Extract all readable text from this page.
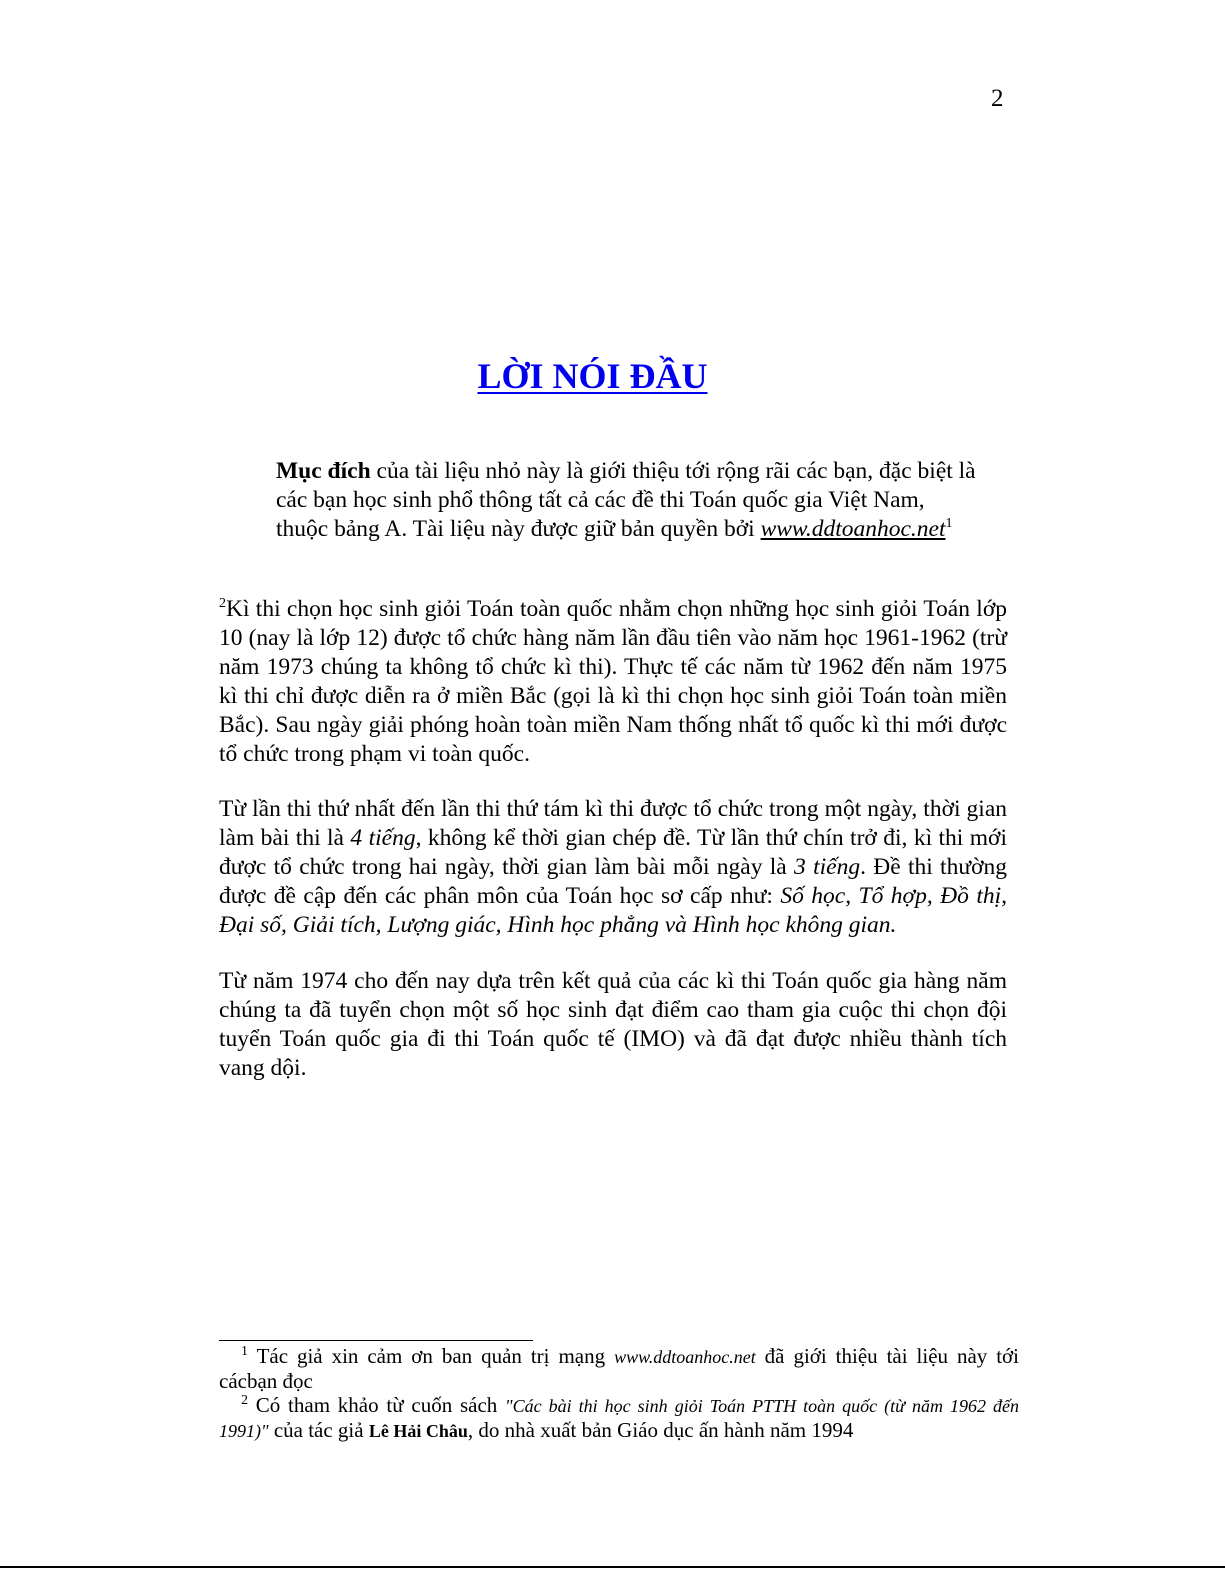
2
LỜI NÓI ĐẦU

Mục đích của tài liệu nhỏ này là giới thiệu tới rộng rãi các bạn, đặc biệt là các bạn học sinh phổ thông tất cả các đề thi Toán quốc gia Việt Nam, thuộc bảng A. Tài liệu này được giữ bản quyền bởi www.ddtoanhoc.net$^1$

$^2$Kì thi chọn học sinh giỏi Toán toàn quốc nhằm chọn những học sinh giỏi Toán lớp 10 (nay là lớp 12) được tổ chức hàng năm lần đầu tiên vào năm học 1961-1962 (trừ năm 1973 chúng ta không tổ chức kì thi). Thực tế các năm từ 1962 đến năm 1975 kì thi chỉ được diễn ra ở miền Bắc (gọi là kì thi chọn học sinh giỏi Toán toàn miền Bắc). Sau ngày giải phóng hoàn toàn miền Nam thống nhất tổ quốc kì thi mới được tổ chức trong phạm vi toàn quốc.

Từ lần thi thứ nhất đến lần thi thứ tám kì thi được tổ chức trong một ngày, thời gian làm bài thi là 4 tiếng, không kể thời gian chép đề. Từ lần thứ chín trở đi, kì thi mới được tổ chức trong hai ngày, thời gian làm bài mỗi ngày là 3 tiếng. Đề thi thường được đề cập đến các phân môn của Toán học sơ cấp như: Số học, Tổ hợp, Đồ thị, Đại số, Giải tích, Lượng giác, Hình học phẳng và Hình học không gian.

Từ năm 1974 cho đến nay dựa trên kết quả của các kì thi Toán quốc gia hàng năm chúng ta đã tuyển chọn một số học sinh đạt điểm cao tham gia cuộc thi chọn đội tuyển Toán quốc gia đi thi Toán quốc tế (IMO) và đã đạt được nhiều thành tích vang dội.

$^1$ Tác giả xin cảm ơn ban quản trị mạng www.ddtoanhoc.net đã giới thiệu tài liệu này tới cácbạn đọc

$^2$ Có tham khảo từ cuốn sách "Các bài thi học sinh giỏi Toán PTTH toàn quốc (từ năm 1962 đến 1991)" của tác giả Lê Hải Châu, do nhà xuất bản Giáo dục ấn hành năm 1994
